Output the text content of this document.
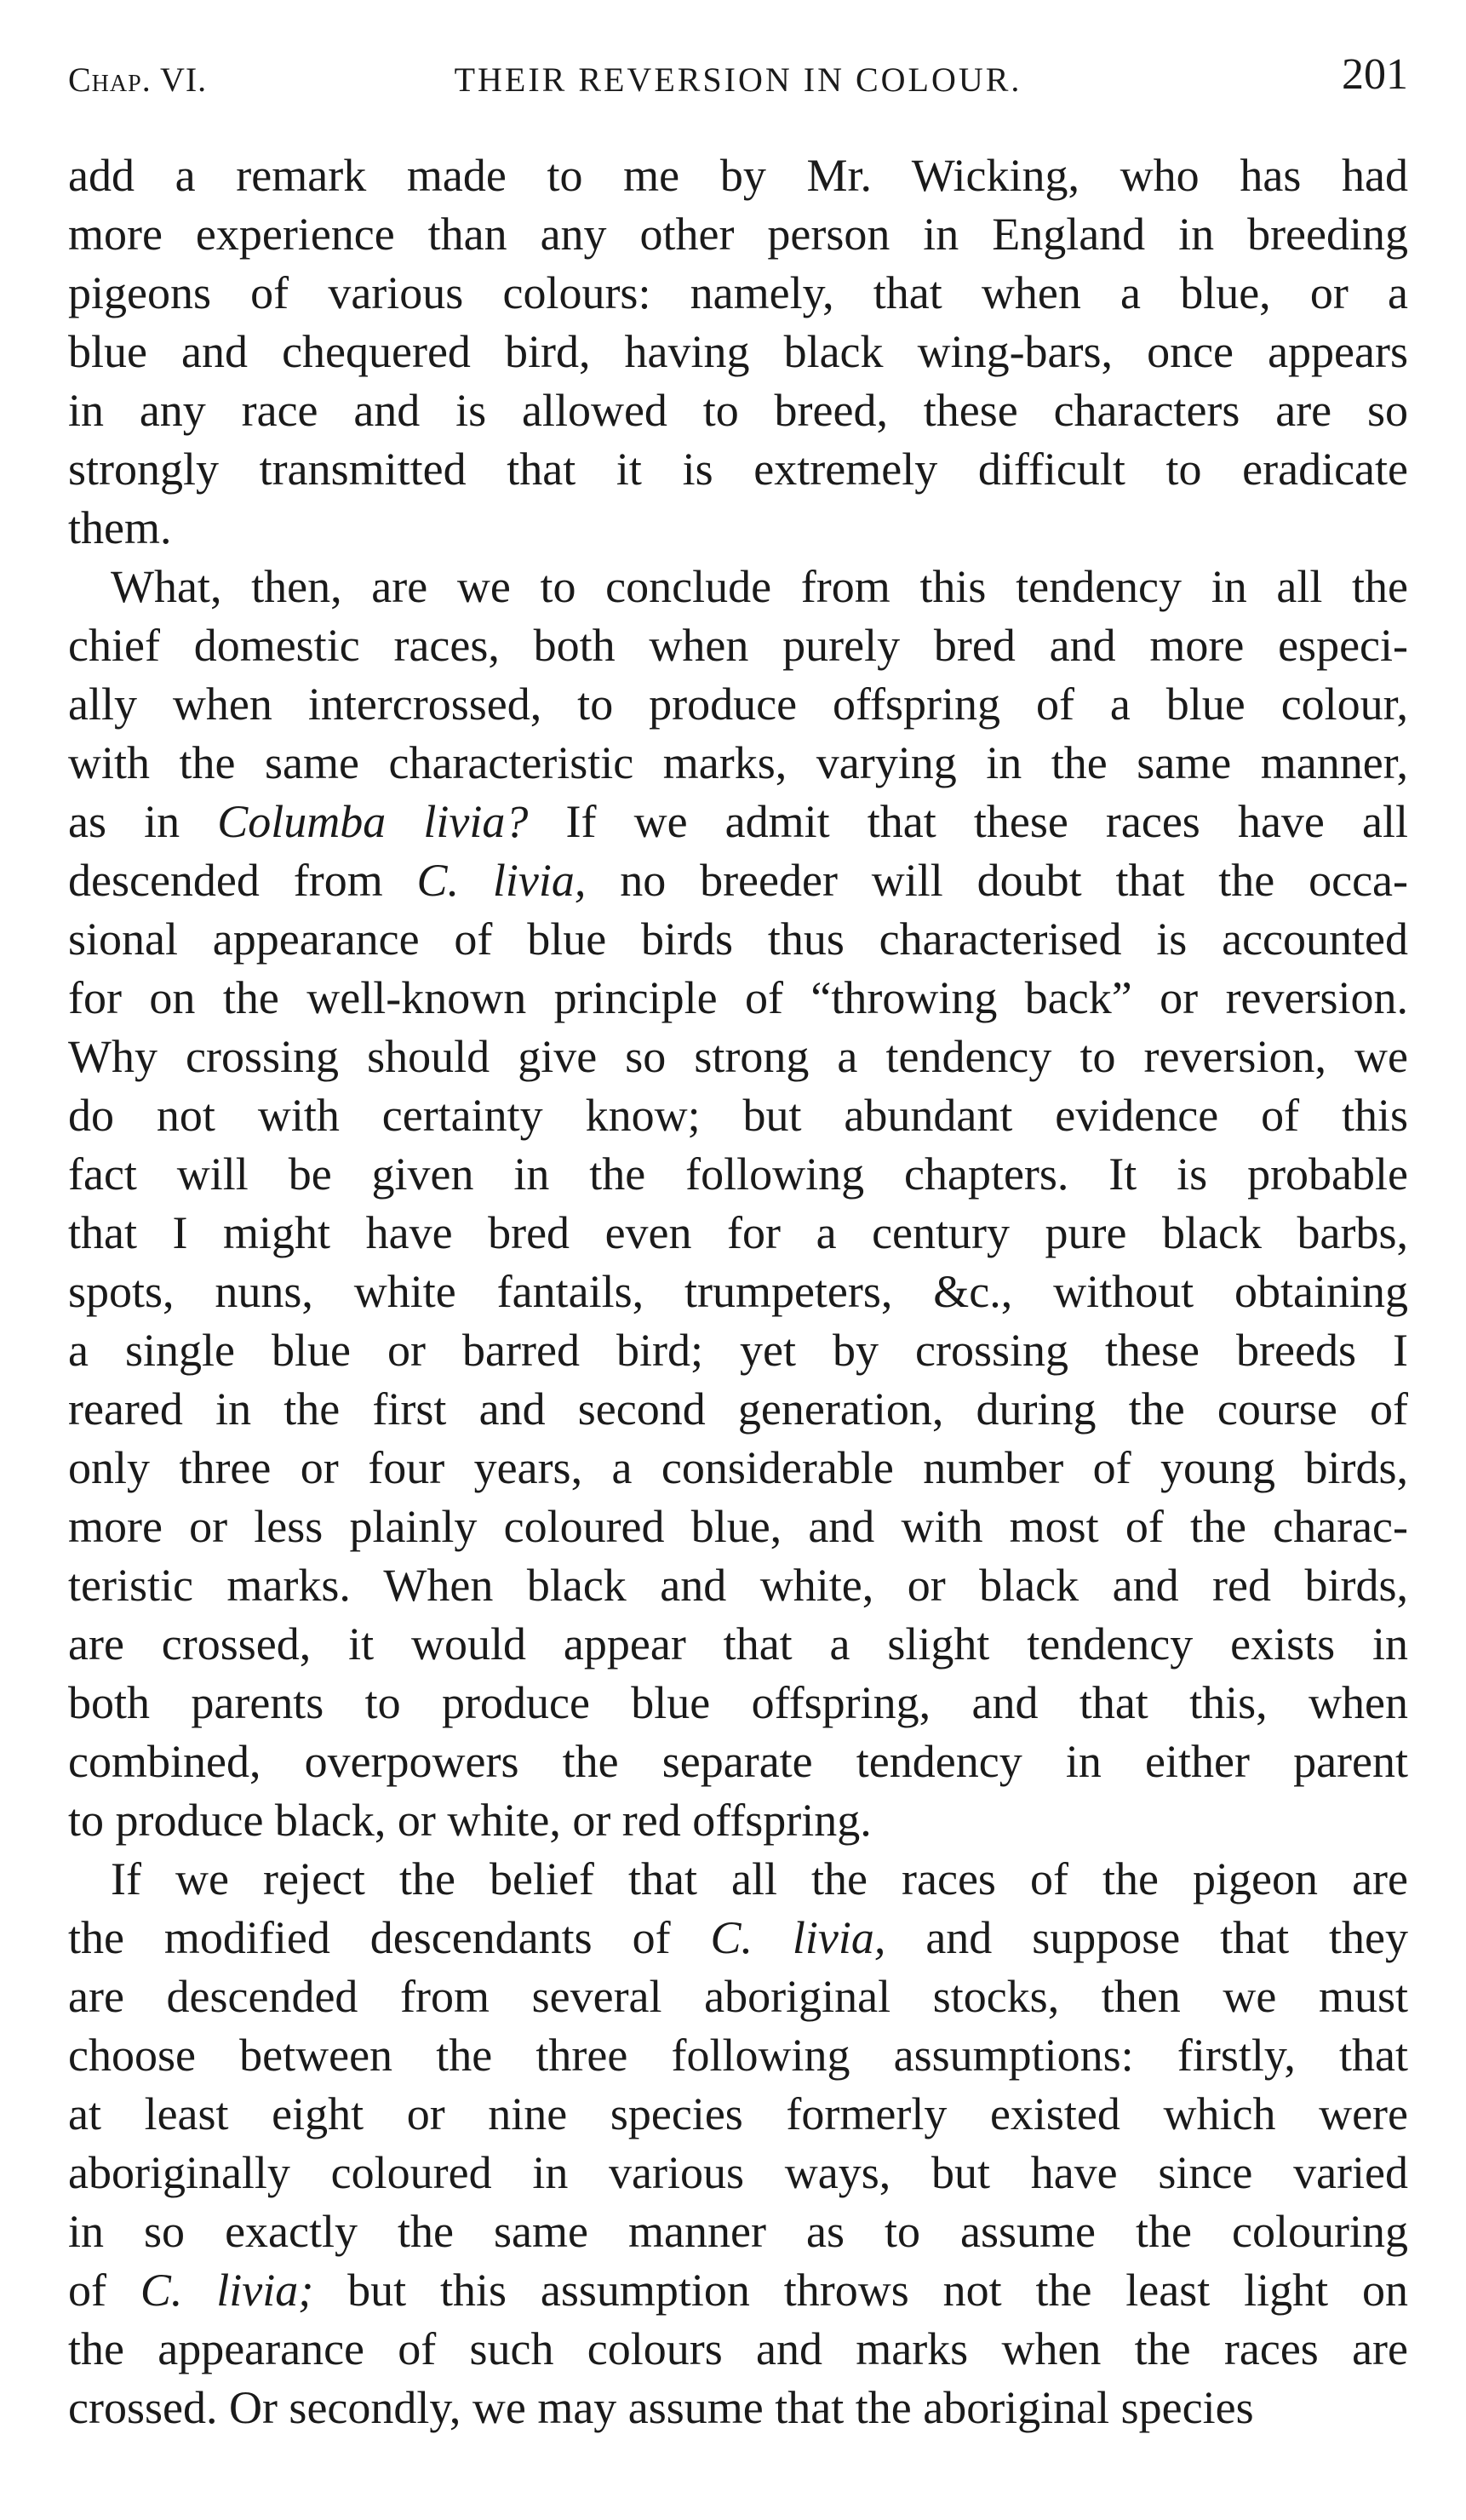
Chap. VI.	THEIR REVERSION IN COLOUR.	201
add a remark made to me by Mr. Wicking, who has had
more experience than any other person in England in breeding
pigeons of various colours: namely, that when a blue, or a
blue and chequered bird, having black wing-bars, once appears
in any race and is allowed to breed, these characters are so
strongly transmitted that it is extremely difficult to eradicate
them.
What, then, are we to conclude from this tendency in all the
chief domestic races, both when purely bred and more especi-
ally when intercrossed, to produce offspring of a blue colour,
with the same characteristic marks, varying in the same manner,
as in Columba livia? If we admit that these races have all
descended from C. livia, no breeder will doubt that the occa-
sional appearance of blue birds thus characterised is accounted
for on the well-known principle of “throwing back” or reversion.
Why crossing should give so strong a tendency to reversion, we
do not with certainty know; but abundant evidence of this
fact will be given in the following chapters. It is probable
that I might have bred even for a century pure black barbs,
spots, nuns, white fantails, trumpeters, &c., without obtaining
a single blue or barred bird; yet by crossing these breeds I
reared in the first and second generation, during the course of
only three or four years, a considerable number of young birds,
more or less plainly coloured blue, and with most of the charac-
teristic marks. When black and white, or black and red birds,
are crossed, it would appear that a slight tendency exists in
both parents to produce blue offspring, and that this, when
combined, overpowers the separate tendency in either parent
to produce black, or white, or red offspring.
If we reject the belief that all the races of the pigeon are
the modified descendants of C. livia, and suppose that they
are descended from several aboriginal stocks, then we must
choose between the three following assumptions: firstly, that
at least eight or nine species formerly existed which were
aboriginally coloured in various ways, but have since varied
in so exactly the same manner as to assume the colouring
of C. livia; but this assumption throws not the least light on
the appearance of such colours and marks when the races are
crossed. Or secondly, we may assume that the aboriginal species
